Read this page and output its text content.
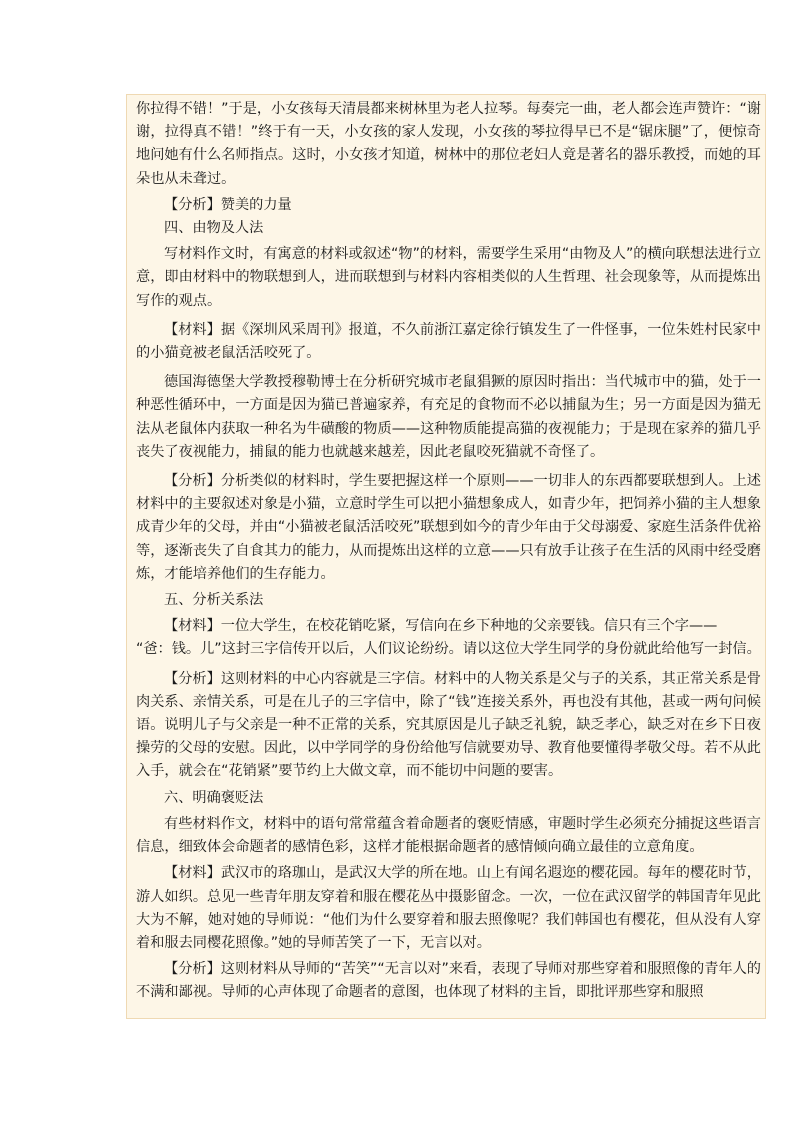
你拉得不错！”于是，小女孩每天清晨都来树林里为老人拉琴。每奏完一曲，老人都会连声赞许：“谢谢，拉得真不错！”终于有一天，小女孩的家人发现，小女孩的琴拉得早已不是“锯床腿”了，便惊奇地问她有什么名师指点。这时，小女孩才知道，树林中的那位老妇人竟是著名的器乐教授，而她的耳朵也从未聋过。

【分析】赞美的力量

四、由物及人法

写材料作文时，有寓意的材料或叙述“物”的材料，需要学生采用“由物及人”的横向联想法进行立意，即由材料中的物联想到人，进而联想到与材料内容相类似的人生哲理、社会现象等，从而提炼出写作的观点。

【材料】据《深圳风采周刊》报道，不久前浙江嘉定徐行镇发生了一件怪事，一位朱姓村民家中的小猫竟被老鼠活活咬死了。

德国海德堡大学教授穆勒博士在分析研究城市老鼠猖獗的原因时指出：当代城市中的猫，处于一种恶性循环中，一方面是因为猫已普遍家养，有充足的食物而不必以捕鼠为生；另一方面是因为猫无法从老鼠体内获取一种名为牛磺酸的物质——这种物质能提高猫的夜视能力；于是现在家养的猫几乎丧失了夜视能力，捕鼠的能力也就越来越差，因此老鼠咬死猫就不奇怪了。

【分析】分析类似的材料时，学生要把握这样一个原则——一切非人的东西都要联想到人。上述材料中的主要叙述对象是小猫，立意时学生可以把小猫想象成人，如青少年，把饲养小猫的主人想象成青少年的父母，并由“小猫被老鼠活活咬死”联想到如今的青少年由于父母溺爱、家庭生活条件优裕等，逐渐丧失了自食其力的能力，从而提炼出这样的立意——只有放手让孩子在生活的风雨中经受磨炼，才能培养他们的生存能力。

五、分析关系法

【材料】一位大学生，在校花销吃紧，写信向在乡下种地的父亲要钱。信只有三个字——

“爸：钱。儿”这封三字信传开以后，人们议论纷纷。请以这位大学生同学的身份就此给他写一封信。

【分析】这则材料的中心内容就是三字信。材料中的人物关系是父与子的关系，其正常关系是骨肉关系、亲情关系，可是在儿子的三字信中，除了“钱”连接关系外，再也没有其他，甚或一两句问候语。说明儿子与父亲是一种不正常的关系，究其原因是儿子缺乏礼貌，缺乏孝心，缺乏对在乡下日夜操劳的父母的安慰。因此，以中学同学的身份给他写信就要劝导、教育他要懂得孝敬父母。若不从此入手，就会在“花销紧”要节约上大做文章，而不能切中问题的要害。

六、明确褒贬法

有些材料作文，材料中的语句常常蕴含着命题者的褒贬情感，审题时学生必须充分捕捉这些语言信息，细致体会命题者的感情色彩，这样才能根据命题者的感情倾向确立最佳的立意角度。

【材料】武汉市的珞珈山，是武汉大学的所在地。山上有闻名遐迩的樱花园。每年的樱花时节，游人如织。总见一些青年朋友穿着和服在樱花丛中摄影留念。一次，一位在武汉留学的韩国青年见此大为不解，她对她的导师说：“他们为什么要穿着和服去照像呢？我们韩国也有樱花，但从没有人穿着和服去同樱花照像。”她的导师苦笑了一下，无言以对。

【分析】这则材料从导师的“苦笑”“无言以对”来看，表现了导师对那些穿着和服照像的青年人的不满和鄙视。导师的心声体现了命题者的意图，也体现了材料的主旨，即批评那些穿和服照
